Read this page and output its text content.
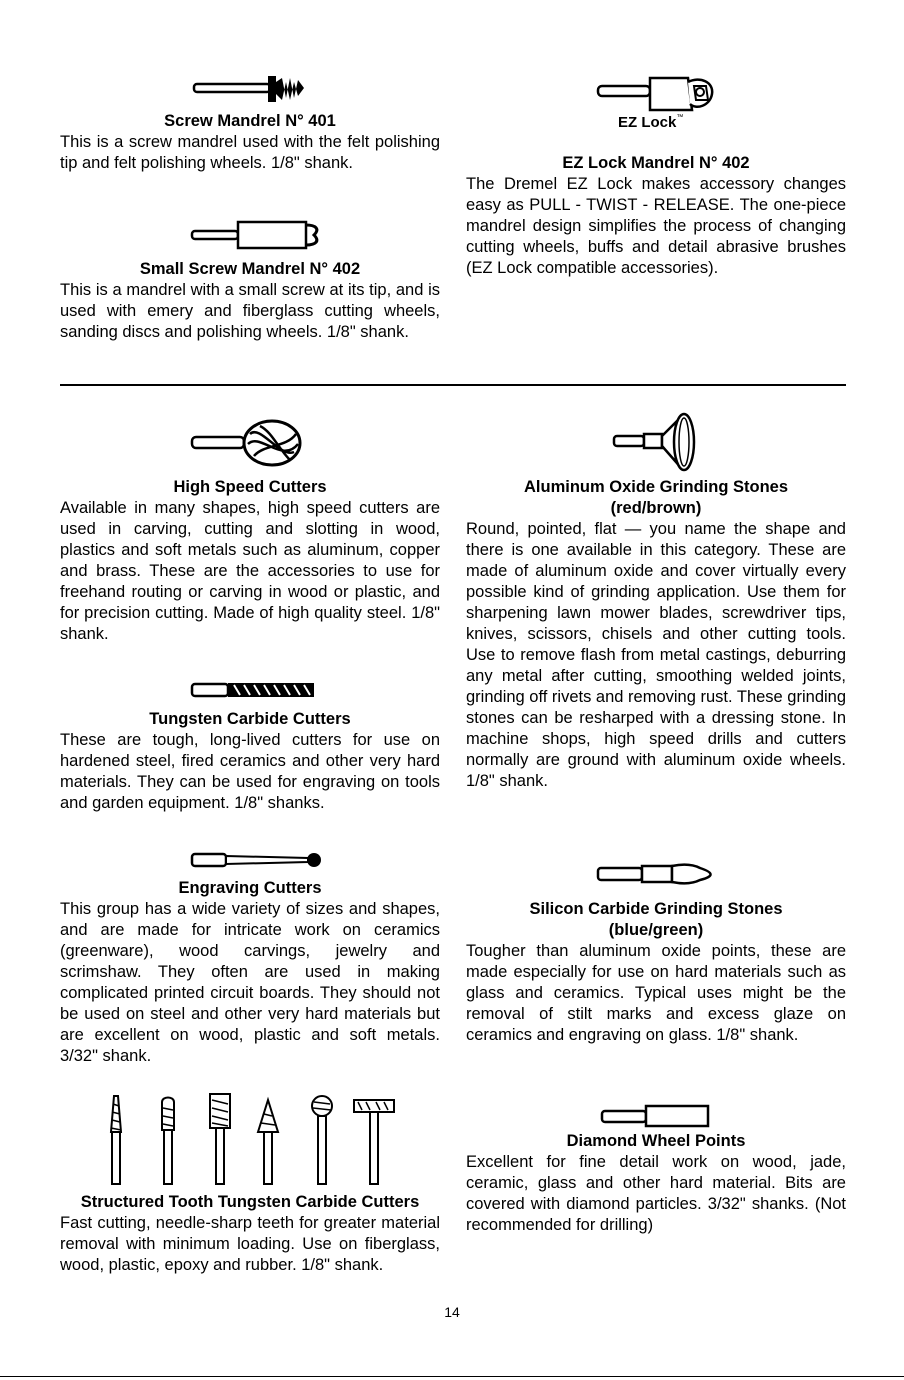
Screw Mandrel N° 401

This is a screw mandrel used with the felt polishing tip and felt polishing wheels. 1/8" shank.

Small Screw Mandrel N° 402

This is a mandrel with a small screw at its tip, and is used with emery and fiberglass cutting wheels, sanding discs and polishing wheels. 1/8" shank.

EZ Lock™

EZ Lock Mandrel N° 402

The Dremel EZ Lock makes accessory changes easy as PULL - TWIST - RELEASE. The one-piece mandrel design simplifies the process of changing cutting wheels, buffs and detail abrasive brushes (EZ Lock compatible accessories).

High Speed Cutters

Available in many shapes, high speed cutters are used in carving, cutting and slotting in wood, plastics and soft metals such as aluminum, copper and brass. These are the accessories to use for freehand routing or carving in wood or plastic, and for precision cutting. Made of high quality steel. 1/8" shank.

Tungsten Carbide Cutters

These are tough, long-lived cutters for use on hardened steel, fired ceramics and other very hard materials. They can be used for engraving on tools and garden equipment. 1/8" shanks.

Engraving Cutters

This group has a wide variety of sizes and shapes, and are made for intricate work on ceramics (greenware), wood carvings, jewelry and scrimshaw. They often are used in making complicated printed circuit boards. They should not be used on steel and other very hard materials but are excellent on wood, plastic and soft metals. 3/32" shank.

Structured Tooth Tungsten Carbide Cutters

Fast cutting, needle-sharp teeth for greater material removal with minimum loading. Use on fiberglass, wood, plastic, epoxy and rubber. 1/8" shank.

Aluminum Oxide Grinding Stones

(red/brown)

Round, pointed, flat — you name the shape and there is one available in this category. These are made of aluminum oxide and cover virtually every possible kind of grinding application. Use them for sharpening lawn mower blades, screwdriver tips, knives, scissors, chisels and other cutting tools. Use to remove flash from metal castings, deburring any metal after cutting, smoothing welded joints, grinding off rivets and removing rust. These grinding stones can be resharped with a dressing stone. In machine shops, high speed drills and cutters normally are ground with aluminum oxide wheels. 1/8" shank.

Silicon Carbide Grinding Stones

(blue/green)

Tougher than aluminum oxide points, these are made especially for use on hard materials such as glass and ceramics. Typical uses might be the removal of stilt marks and excess glaze on ceramics and engraving on glass. 1/8" shank.

Diamond Wheel Points

Excellent for fine detail work on wood, jade, ceramic, glass and other hard material. Bits are covered with diamond particles. 3/32" shanks. (Not recommended for drilling)

14
